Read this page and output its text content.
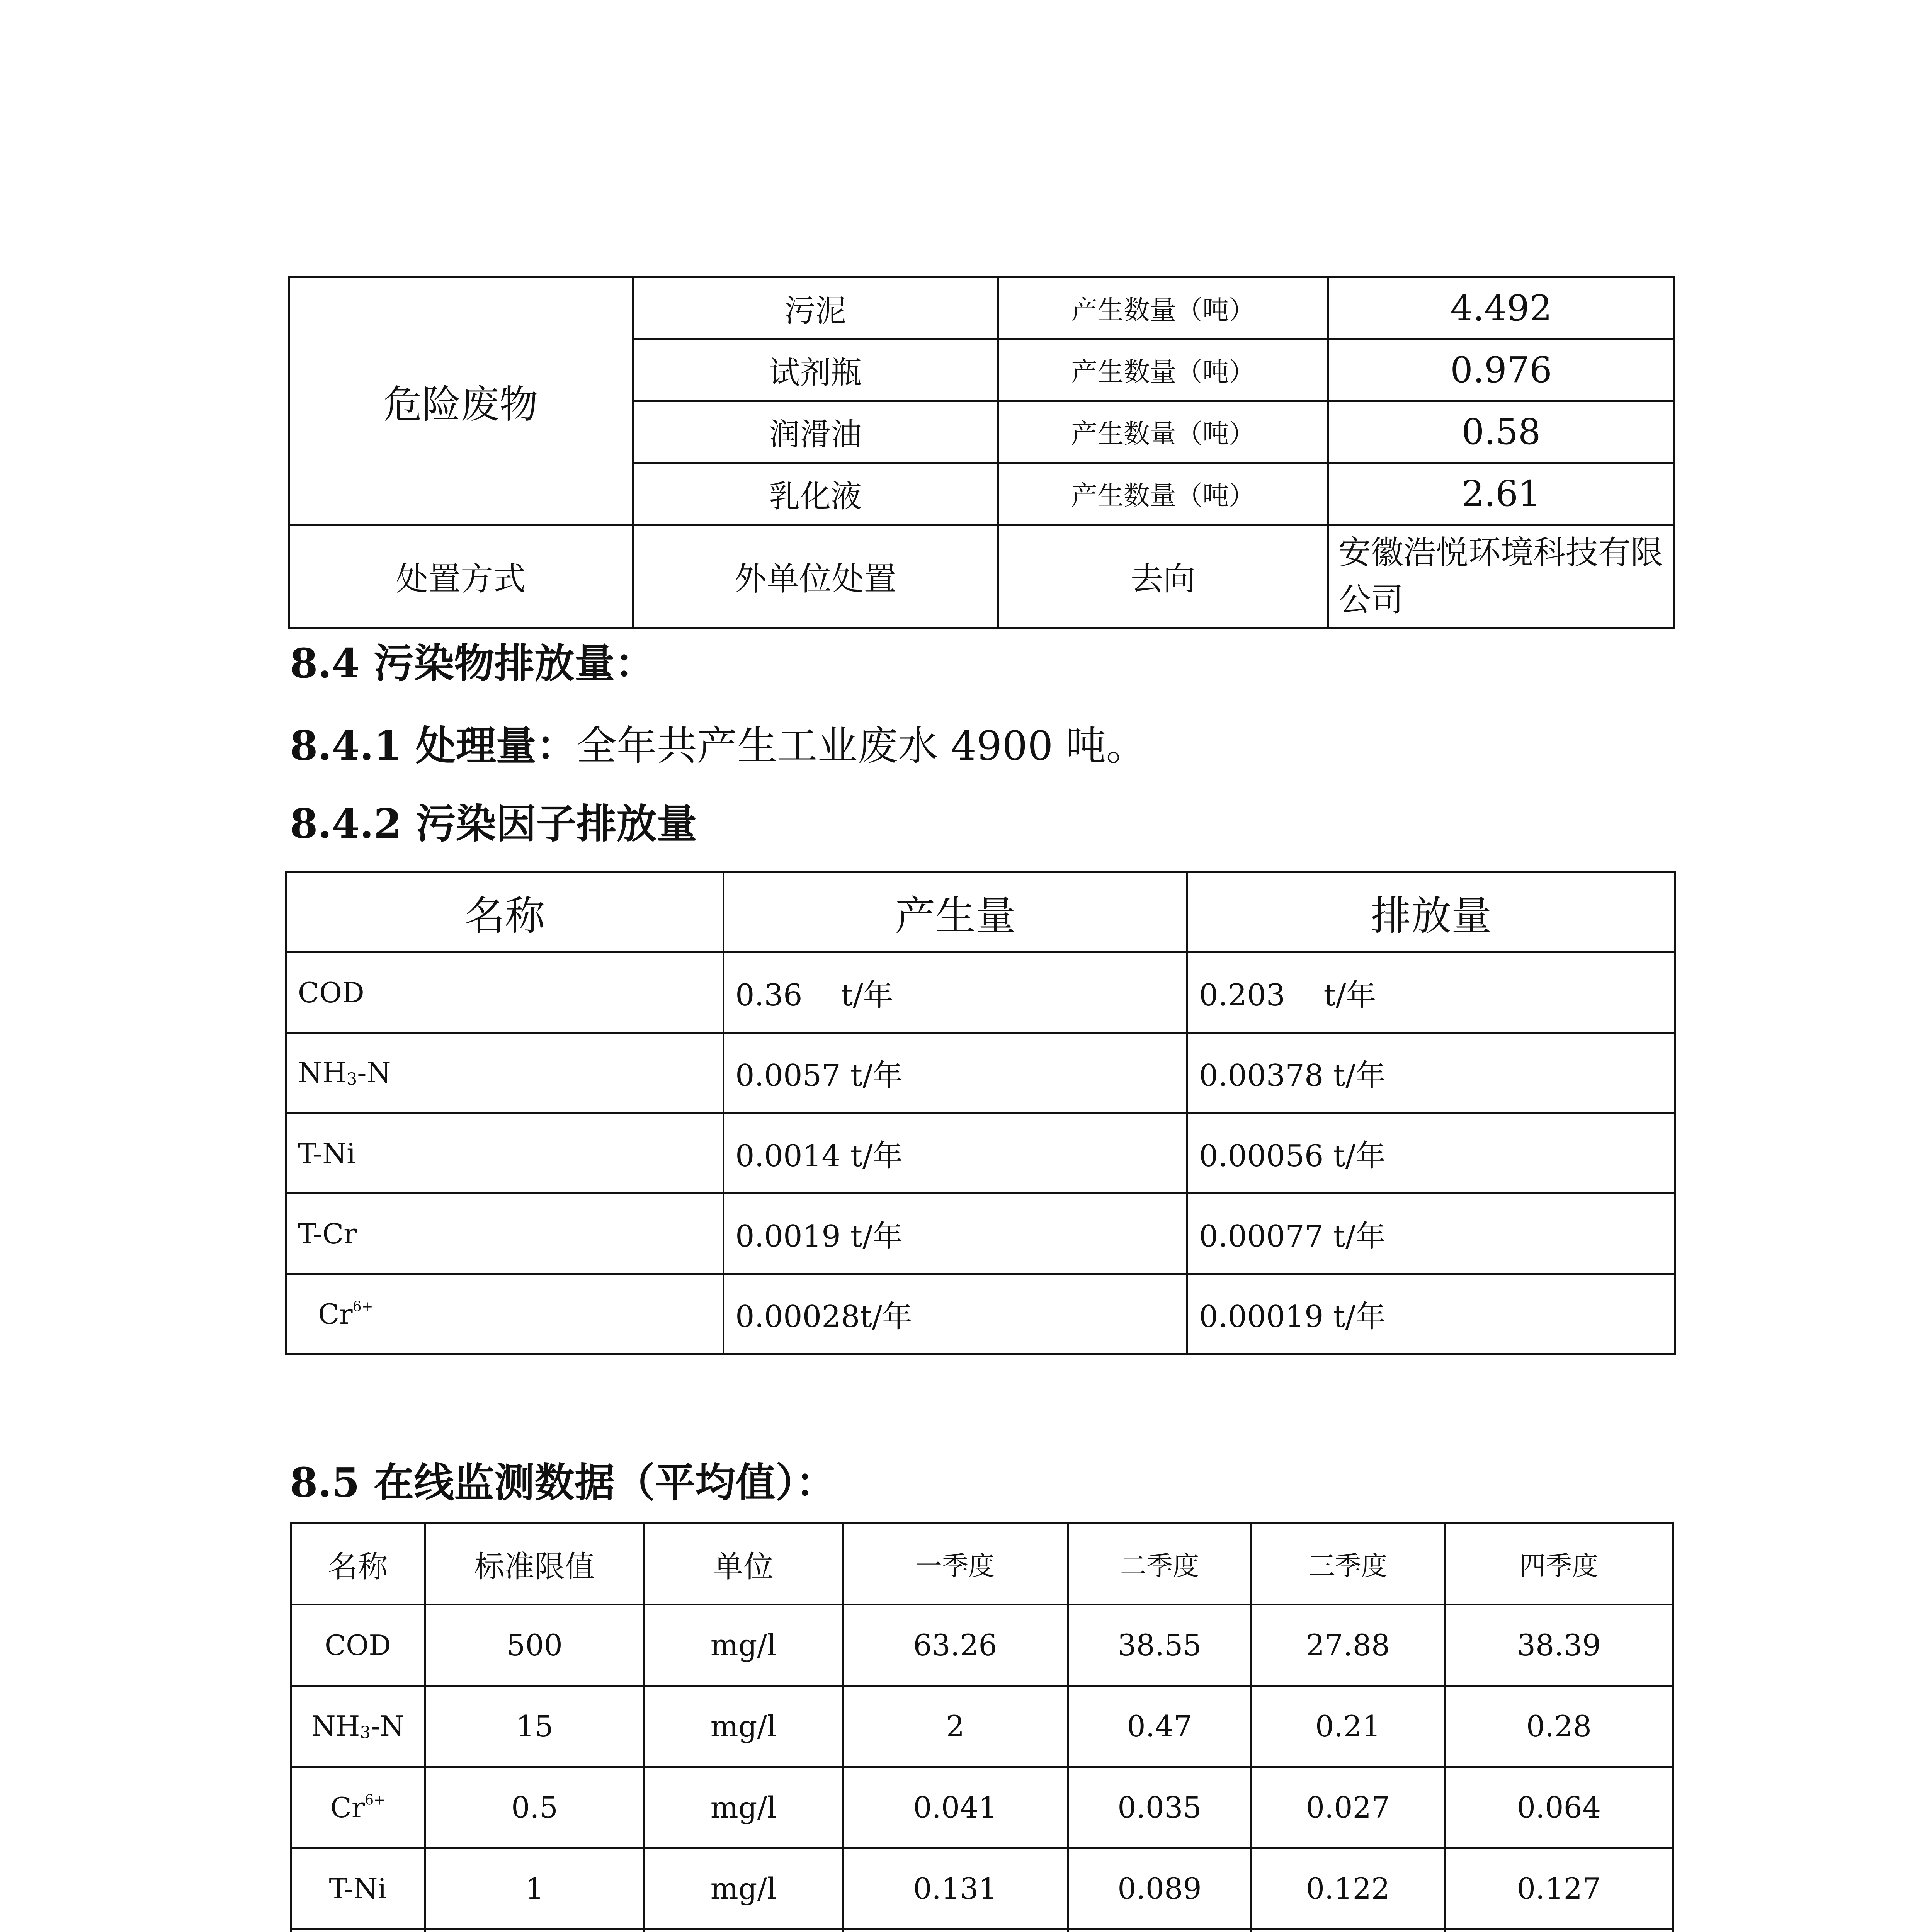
危险废物	污泥	产生数量（吨）	4.492
	试剂瓶	产生数量（吨）	0.976
	润滑油	产生数量（吨）	0.58
	乳化液	产生数量（吨）	2.61
处置方式	外单位处置	去向	安徽浩悦环境科技有限公司
8.4 污染物排放量：
8.4.1 处理量：全年共产生工业废水 4900 吨。
8.4.2 污染因子排放量
名称	产生量	排放量
COD	0.36    t/年	0.203    t/年
$NH_3-N$	0.0057 t/年	0.00378 t/年
T-Ni	0.0014 t/年	0.00056 t/年
T-Cr	0.0019 t/年	0.00077 t/年
$Cr^{6+}$	0.00028t/年	0.00019 t/年
8.5 在线监测数据（平均值）：
名称	标准限值	单位	一季度	二季度	三季度	四季度
COD	500	mg/l	63.26	38.55	27.88	38.39
$NH_3-N$	15	mg/l	2	0.47	0.21	0.28
$Cr^{6+}$	0.5	mg/l	0.041	0.035	0.027	0.064
T-Ni	1	mg/l	0.131	0.089	0.122	0.127
